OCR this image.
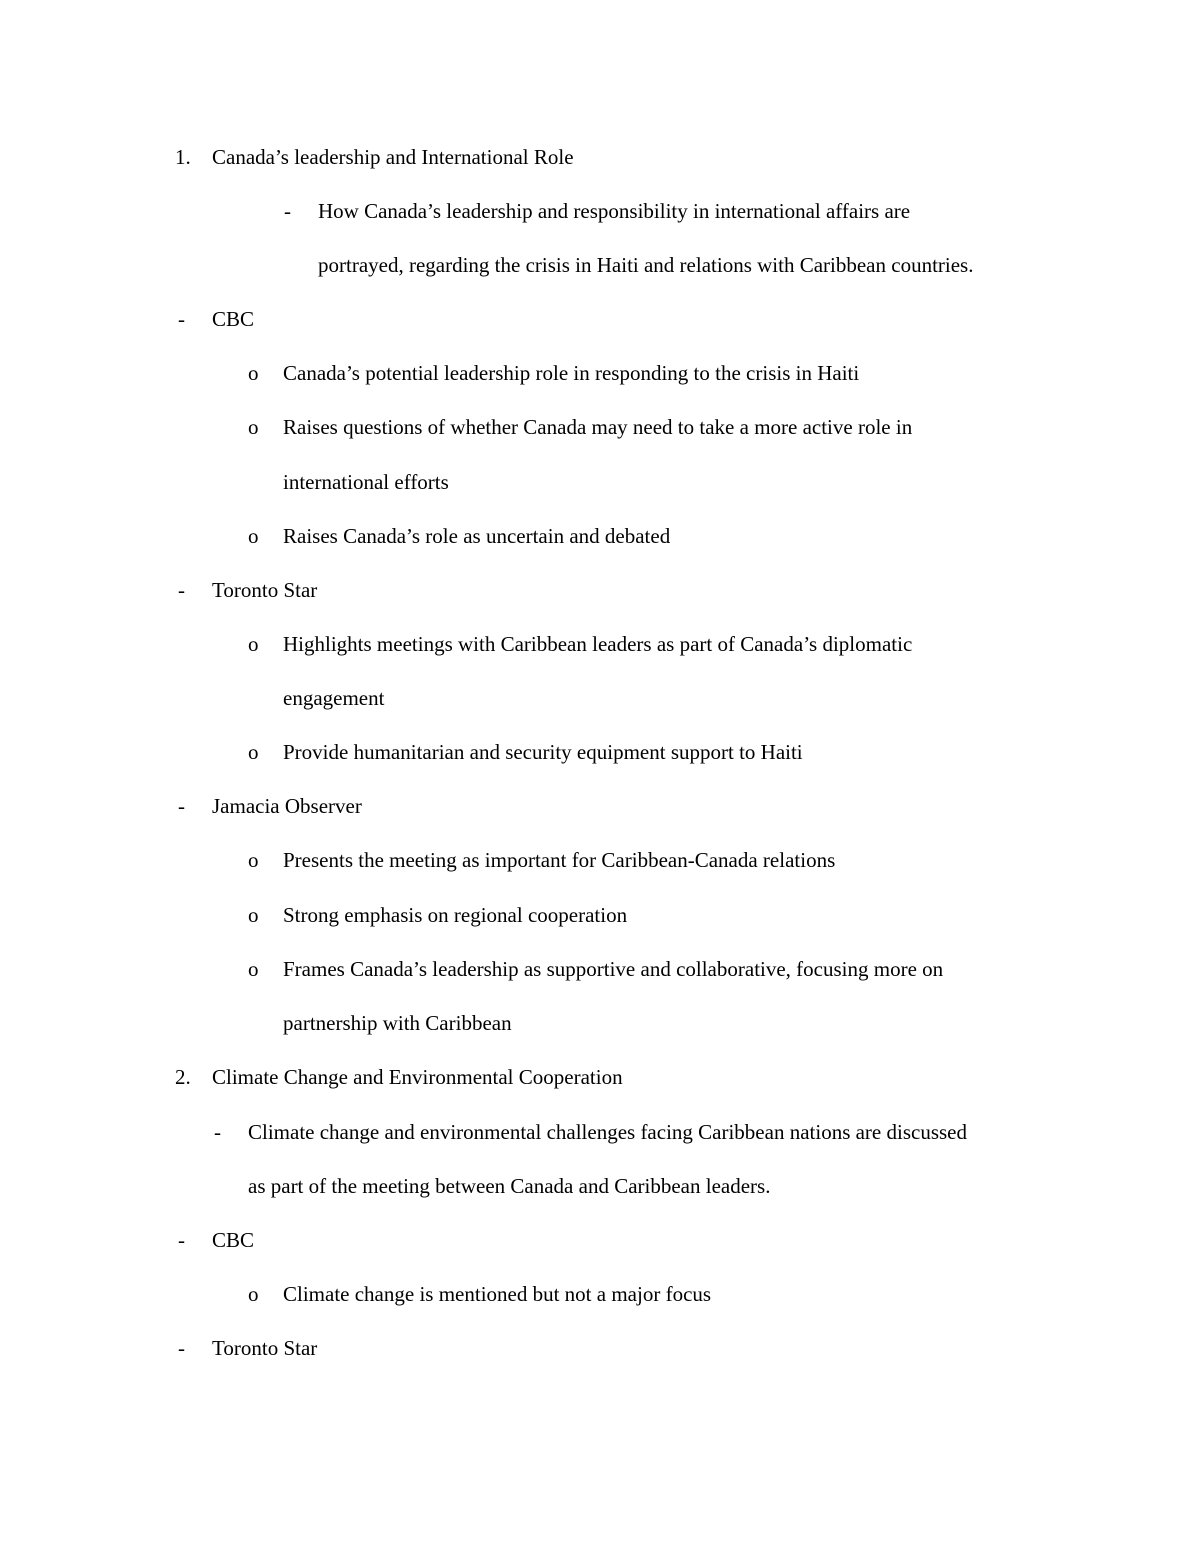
1. Canada’s leadership and International Role

- How Canada’s leadership and responsibility in international affairs are

portrayed, regarding the crisis in Haiti and relations with Caribbean countries.

- CBC

o Canada’s potential leadership role in responding to the crisis in Haiti

o Raises questions of whether Canada may need to take a more active role in

international efforts

o Raises Canada’s role as uncertain and debated

- Toronto Star

o Highlights meetings with Caribbean leaders as part of Canada’s diplomatic

engagement

o Provide humanitarian and security equipment support to Haiti

- Jamacia Observer

o Presents the meeting as important for Caribbean-Canada relations

o Strong emphasis on regional cooperation

o Frames Canada’s leadership as supportive and collaborative, focusing more on

partnership with Caribbean

2. Climate Change and Environmental Cooperation

- Climate change and environmental challenges facing Caribbean nations are discussed

as part of the meeting between Canada and Caribbean leaders.

- CBC

o Climate change is mentioned but not a major focus

- Toronto Star
